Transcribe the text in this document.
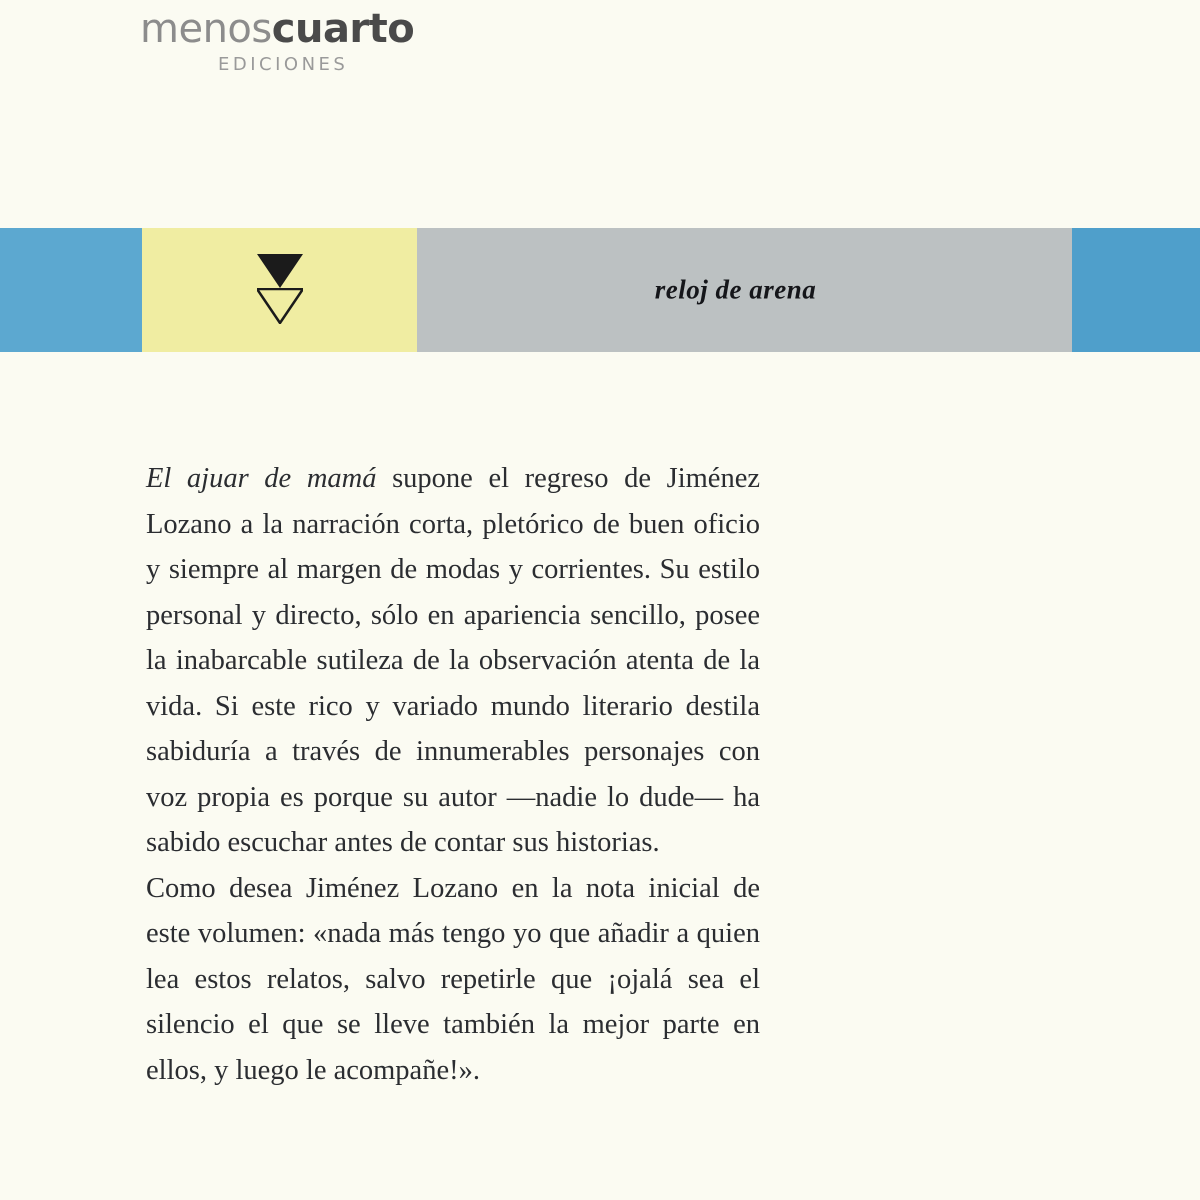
menoscuarto
EDICIONES
reloj de arena

El ajuar de mamá supone el regreso de Jiménez Lozano a la narración corta, pletórico de buen oficio y siempre al margen de modas y corrientes. Su estilo personal y directo, sólo en apariencia sencillo, posee la inabarcable sutileza de la observación atenta de la vida. Si este rico y variado mundo literario destila sabiduría a través de innumerables personajes con voz propia es porque su autor —nadie lo dude— ha sabido escuchar antes de contar sus historias.

Como desea Jiménez Lozano en la nota inicial de este volumen: «nada más tengo yo que añadir a quien lea estos relatos, salvo repetirle que ¡ojalá sea el silencio el que se lleve también la mejor parte en ellos, y luego le acompañe!».
